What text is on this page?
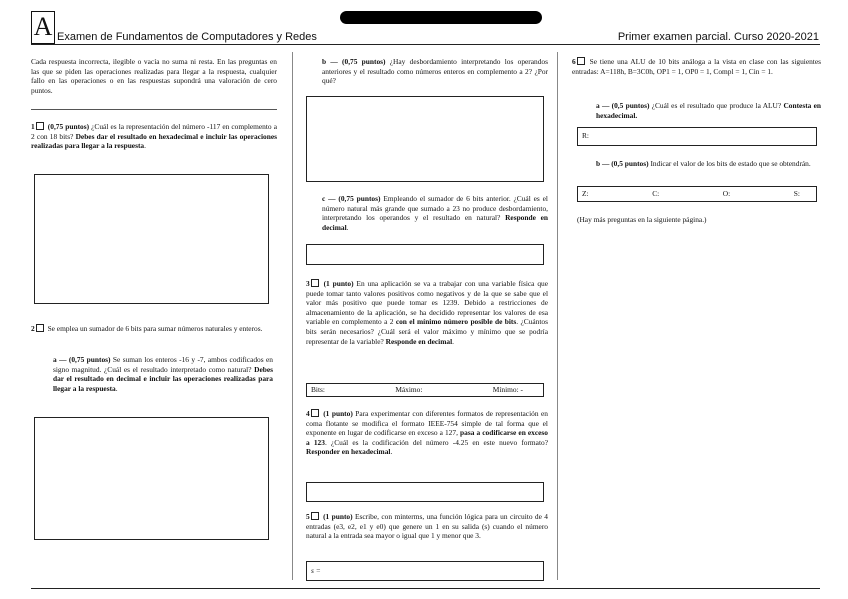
A Examen de Fundamentos de Computadores y Redes	Primer examen parcial. Curso 2020-2021
Cada respuesta incorrecta, ilegible o vacía no suma ni resta. En las preguntas en las que se piden las operaciones realizadas para llegar a la respuesta, cualquier fallo en las operaciones o en las respuestas supondrá una valoración de cero puntos.
1 (0,75 puntos) ¿Cuál es la representación del número -117 en complemento a 2 con 18 bits? Debes dar el resultado en hexadecimal e incluir las operaciones realizadas para llegar a la respuesta.
2 Se emplea un sumador de 6 bits para sumar números naturales y enteros.
a — (0,75 puntos) Se suman los enteros -16 y -7, ambos codificados en signo magnitud. ¿Cuál es el resultado interpretado como natural? Debes dar el resultado en decimal e incluir las operaciones realizadas para llegar a la respuesta.
b — (0,75 puntos) ¿Hay desbordamiento interpretando los operandos anteriores y el resultado como números enteros en complemento a 2? ¿Por qué?
c — (0,75 puntos) Empleando el sumador de 6 bits anterior. ¿Cuál es el número natural más grande que sumado a 23 no produce desbordamiento, interpretando los operandos y el resultado en natural? Responde en decimal.
3 (1 punto) En una aplicación se va a trabajar con una variable física que puede tomar tanto valores positivos como negativos y de la que se sabe que el valor más positivo que puede tomar es 1239. Debido a restricciones de almacenamiento de la aplicación, se ha decidido representar los valores de esa variable en complemento a 2 con el mínimo número posible de bits. ¿Cuántos bits serán necesarios? ¿Cuál será el valor máximo y mínimo que se podría representar de la variable? Responde en decimal.
Bits:	Máximo:	Mínimo: -
4 (1 punto) Para experimentar con diferentes formatos de representación en coma flotante se modifica el formato IEEE-754 simple de tal forma que el exponente en lugar de codificarse en exceso a 127, pasa a codificarse en exceso a 123. ¿Cuál es la codificación del número -4.25 en este nuevo formato? Responder en hexadecimal.
5 (1 punto) Escribe, con minterms, una función lógica para un circuito de 4 entradas (e3, e2, e1 y e0) que genere un 1 en su salida (s) cuando el número natural a la entrada sea mayor o igual que 1 y menor que 3.
s =
6 Se tiene una ALU de 10 bits análoga a la vista en clase con las siguientes entradas: A=118h, B=3C0h, OP1 = 1, OP0 = 1, Compl = 1, Cin = 1.
a — (0,5 puntos) ¿Cuál es el resultado que produce la ALU? Contesta en hexadecimal.
R:
b — (0,5 puntos) Indicar el valor de los bits de estado que se obtendrán.
Z:	C:	O:	S:
(Hay más preguntas en la siguiente página.)
